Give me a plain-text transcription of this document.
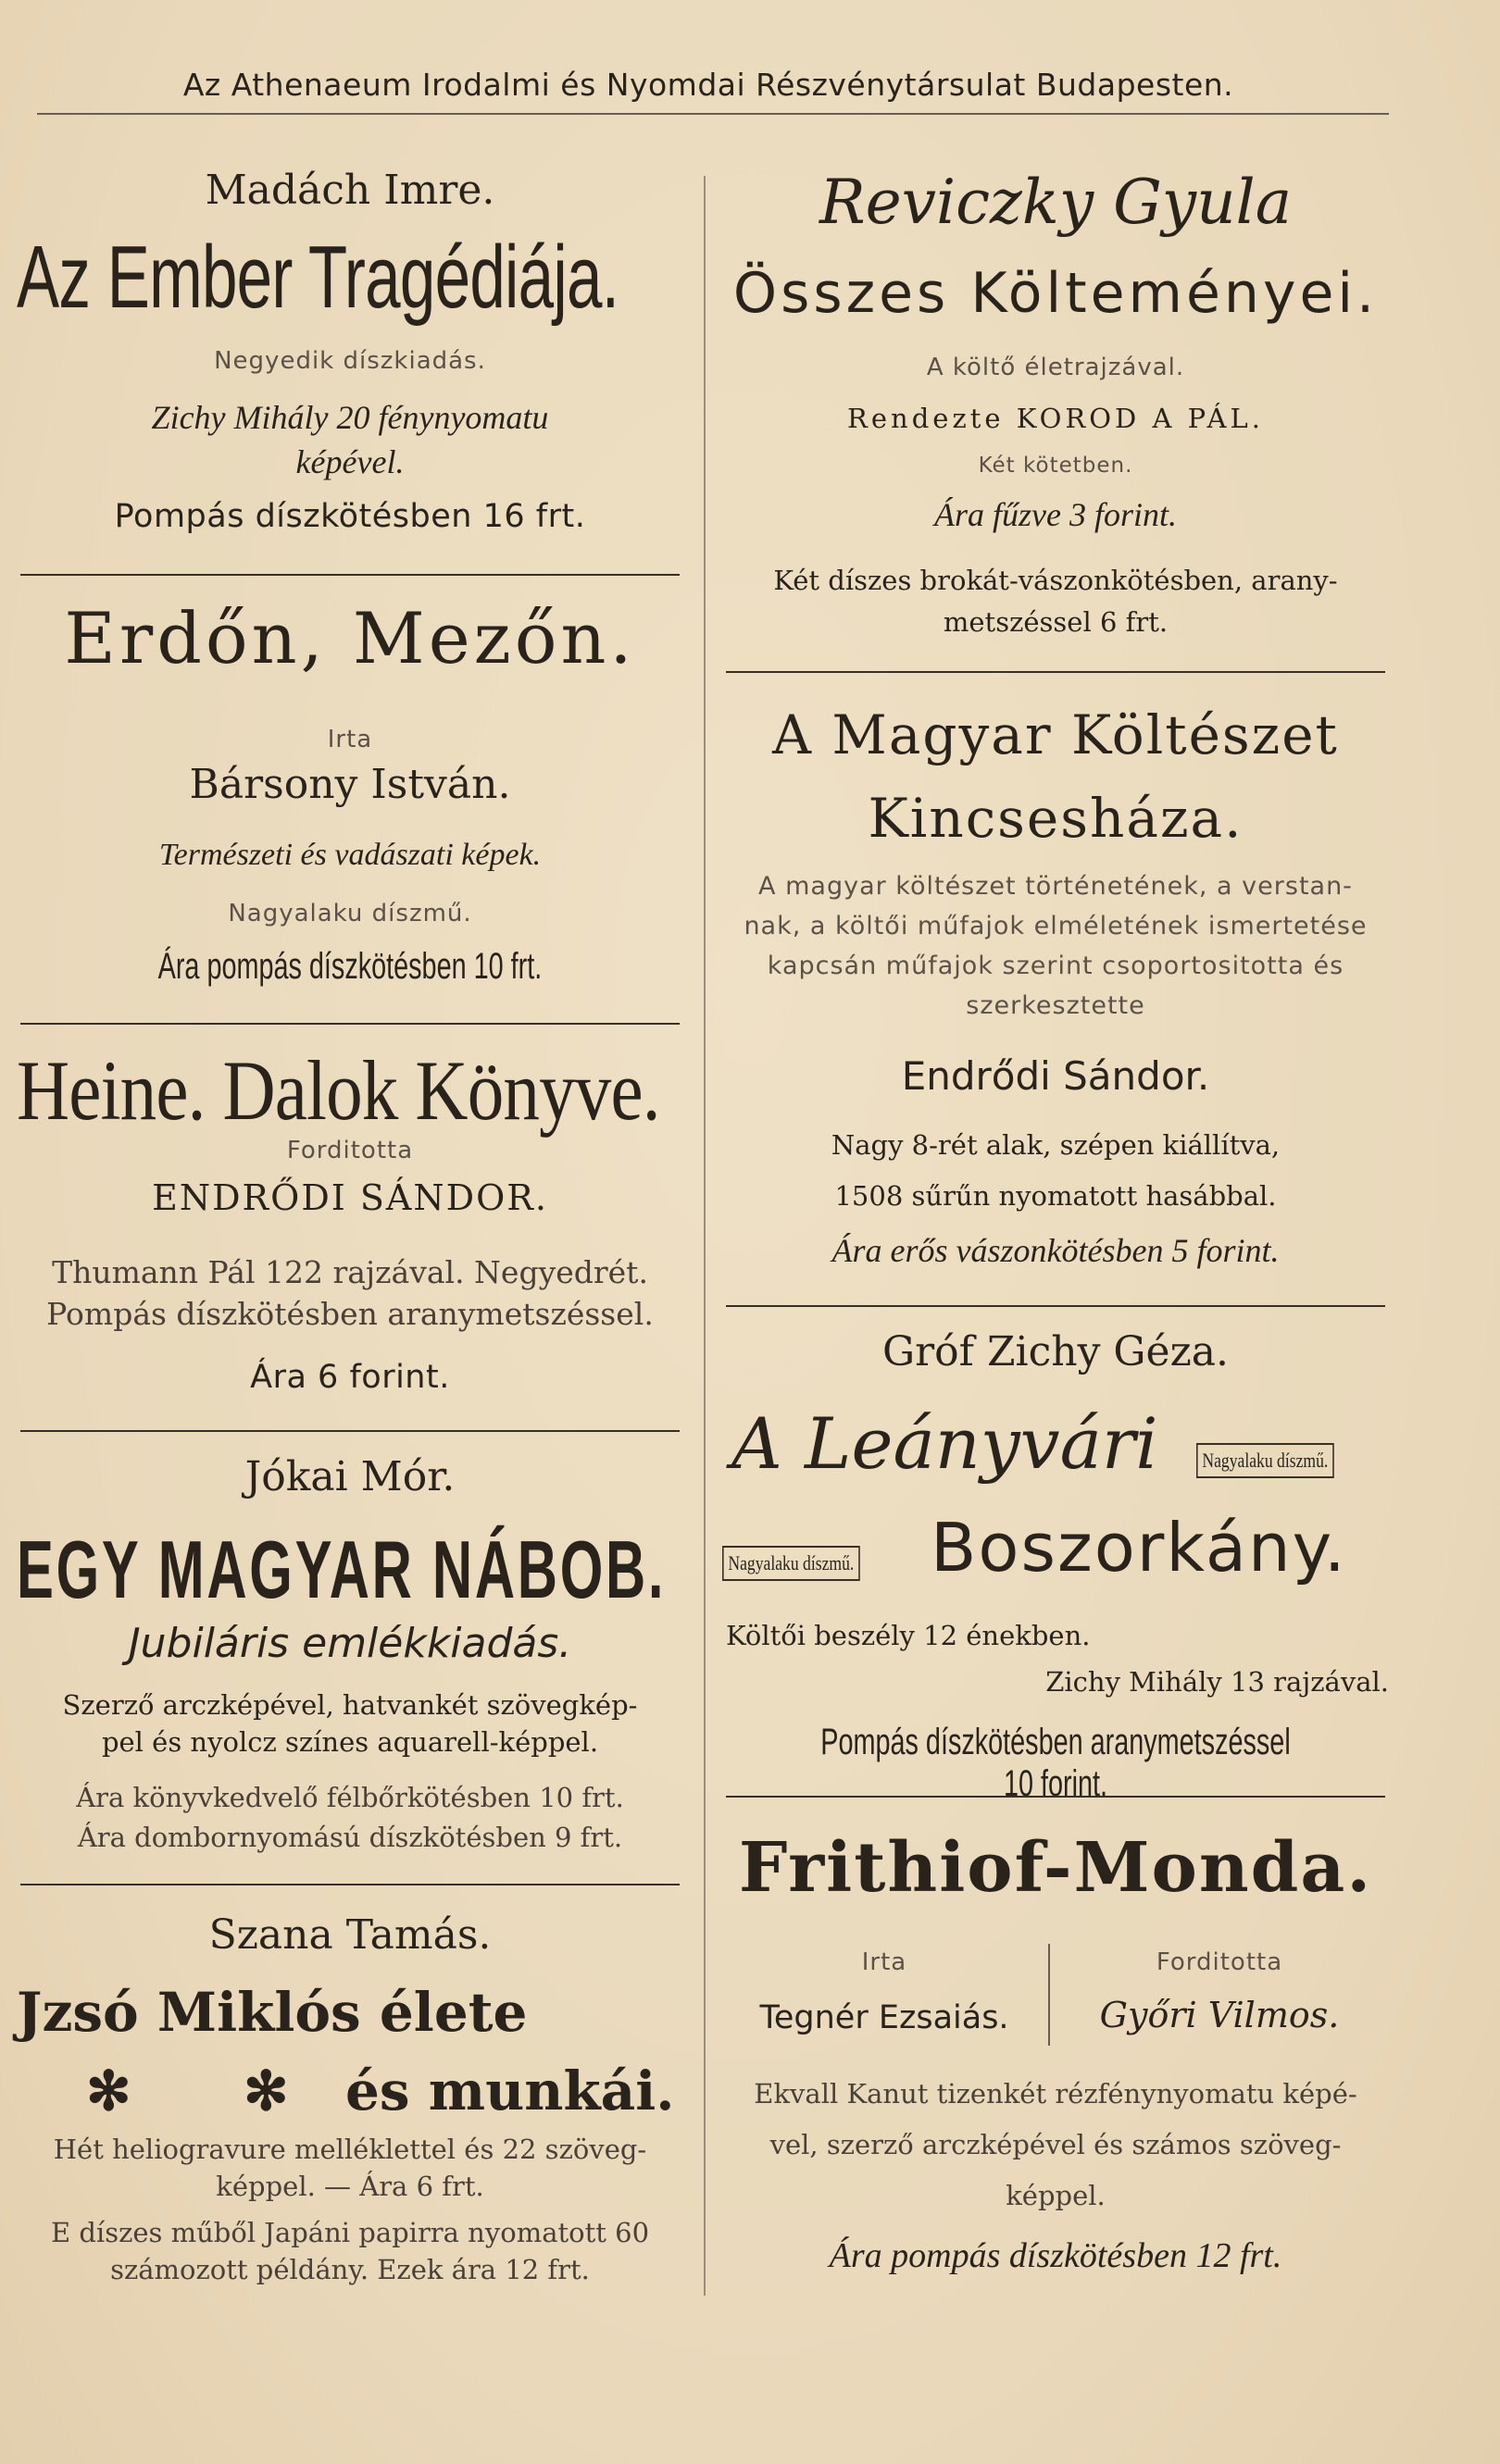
Az Athenaeum Irodalmi és Nyomdai Részvénytársulat Budapesten.
Madách Imre.
Az Ember Tragédiája.
Negyedik díszkiadás.
Zichy Mihály 20 fénynyomatu
képével.
Pompás díszkötésben 16 frt.
Erdőn, Mezőn.
Irta
Bársony István.
Természeti és vadászati képek.
Nagyalaku díszmű.
Ára pompás díszkötésben 10 frt.
Heine. Dalok Könyve.
Forditotta
ENDRŐDI SÁNDOR.
Thumann Pál 122 rajzával. Negyedrét.
Pompás díszkötésben aranymetszéssel.
Ára 6 forint.
Jókai Mór.
EGY MAGYAR NÁBOB.
Jubiláris emlékkiadás.
Szerző arczképével, hatvankét szövegkép-
pel és nyolcz színes aquarell-képpel.
Ára könyvkedvelő félbőrkötésben 10 frt.
Ára dombornyomású díszkötésben 9 frt.
Szana Tamás.
Jzsó Miklós élete
✻ ✻ és munkái.
Hét heliogravure melléklettel és 22 szöveg-
képpel. — Ára 6 frt.
E díszes műből Japáni papirra nyomatott 60
számozott példány. Ezek ára 12 frt.
Reviczky Gyula
Összes Költeményei.
A költő életrajzával.
Rendezte KOROD A PÁL.
Két kötetben.
Ára fűzve 3 forint.
Két díszes brokát-vászonkötésben, arany-
metszéssel 6 frt.
A Magyar Költészet
Kincsesháza.
A magyar költészet történetének, a verstan-
nak, a költői műfajok elméletének ismertetése
kapcsán műfajok szerint csoportositotta és
szerkesztette
Endrődi Sándor.
Nagy 8-rét alak, szépen kiállítva,
1508 sűrűn nyomatott hasábbal.
Ára erős vászonkötésben 5 forint.
Gróf Zichy Géza.
A Leányvári Nagyalaku díszmű.
Nagyalaku díszmű. Boszorkány.
Költői beszély 12 énekben.
Zichy Mihály 13 rajzával.
Pompás díszkötésben aranymetszéssel 10 forint.
Frithiof-Monda.
Irta
Tegnér Ezsaiás.
Forditotta
Győri Vilmos.
Ekvall Kanut tizenkét rézfénynyomatu képé-
vel, szerző arczképével és számos szöveg-
képpel.
Ára pompás díszkötésben 12 frt.
